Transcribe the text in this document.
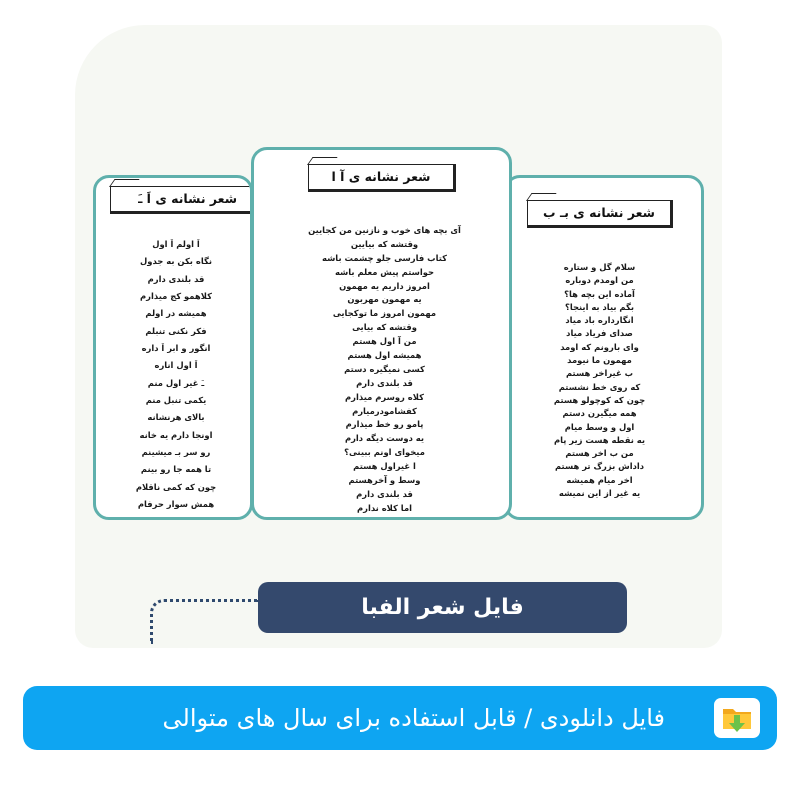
شعر نشانه ی اَ ـَ
اَ اولم اَ اول
نگاه بکن به جدول
قد بلندی دارم
کلاهمو کج میذارم
همیشه در اولم
فکر نکنی تنبلم
انگور و ابر اَ داره
اَ اول اناره
ـَ غیر اول منم
یکمی تنبل منم
بالای هرنشانه
اونجا دارم یه خانه
رو سر بـ میشینم
تا همه جا رو بینم
چون که کمی ناقلام
همش سوار حرفام
شعر نشانه ی بـ ب
سلام گل و ستاره
من اومدم دوباره
آماده این بچه ها؟
بگم بیاد به اینجا؟
انگارداره باد میاد
صدای فریاد میاد
وای بارونم که اومد
مهمون ما نیومد
ب غیراخر هستم
که روی خط نشستم
چون که کوچولو هستم
همه میگیرن دستم
اول و وسط میام
یه نقطه هست زیر پام
من ب اخر هستم
داداش بزرگ تر هستم
اخر میام همیشه
یه غیر از این نمیشه
شعر نشانه ی آ ا
آی بچه های خوب و نازنین من کجایین
وقتشه که بیایین
کتاب فارسی جلو چشمت باشه
حواستم پیش معلم باشه
امروز داریم یه مهمون
یه مهمون مهربون
مهمون امروز ما توکجایی
وقتشه که بیایی
من آ اول هستم
همیشه اول هستم
کسی نمیگیره دستم
قد بلندی دارم
کلاه روسرم میذارم
کفشامودرمیارم
پامو رو خط میذارم
یه دوست دیگه دارم
میخوای اونم ببینی؟
ا غیراول هستم
وسط و آخرهستم
قد بلندی دارم
اما کلاه ندارم
فایل شعر الفبا
فایل دانلودی / قابل استفاده برای سال های متوالی
